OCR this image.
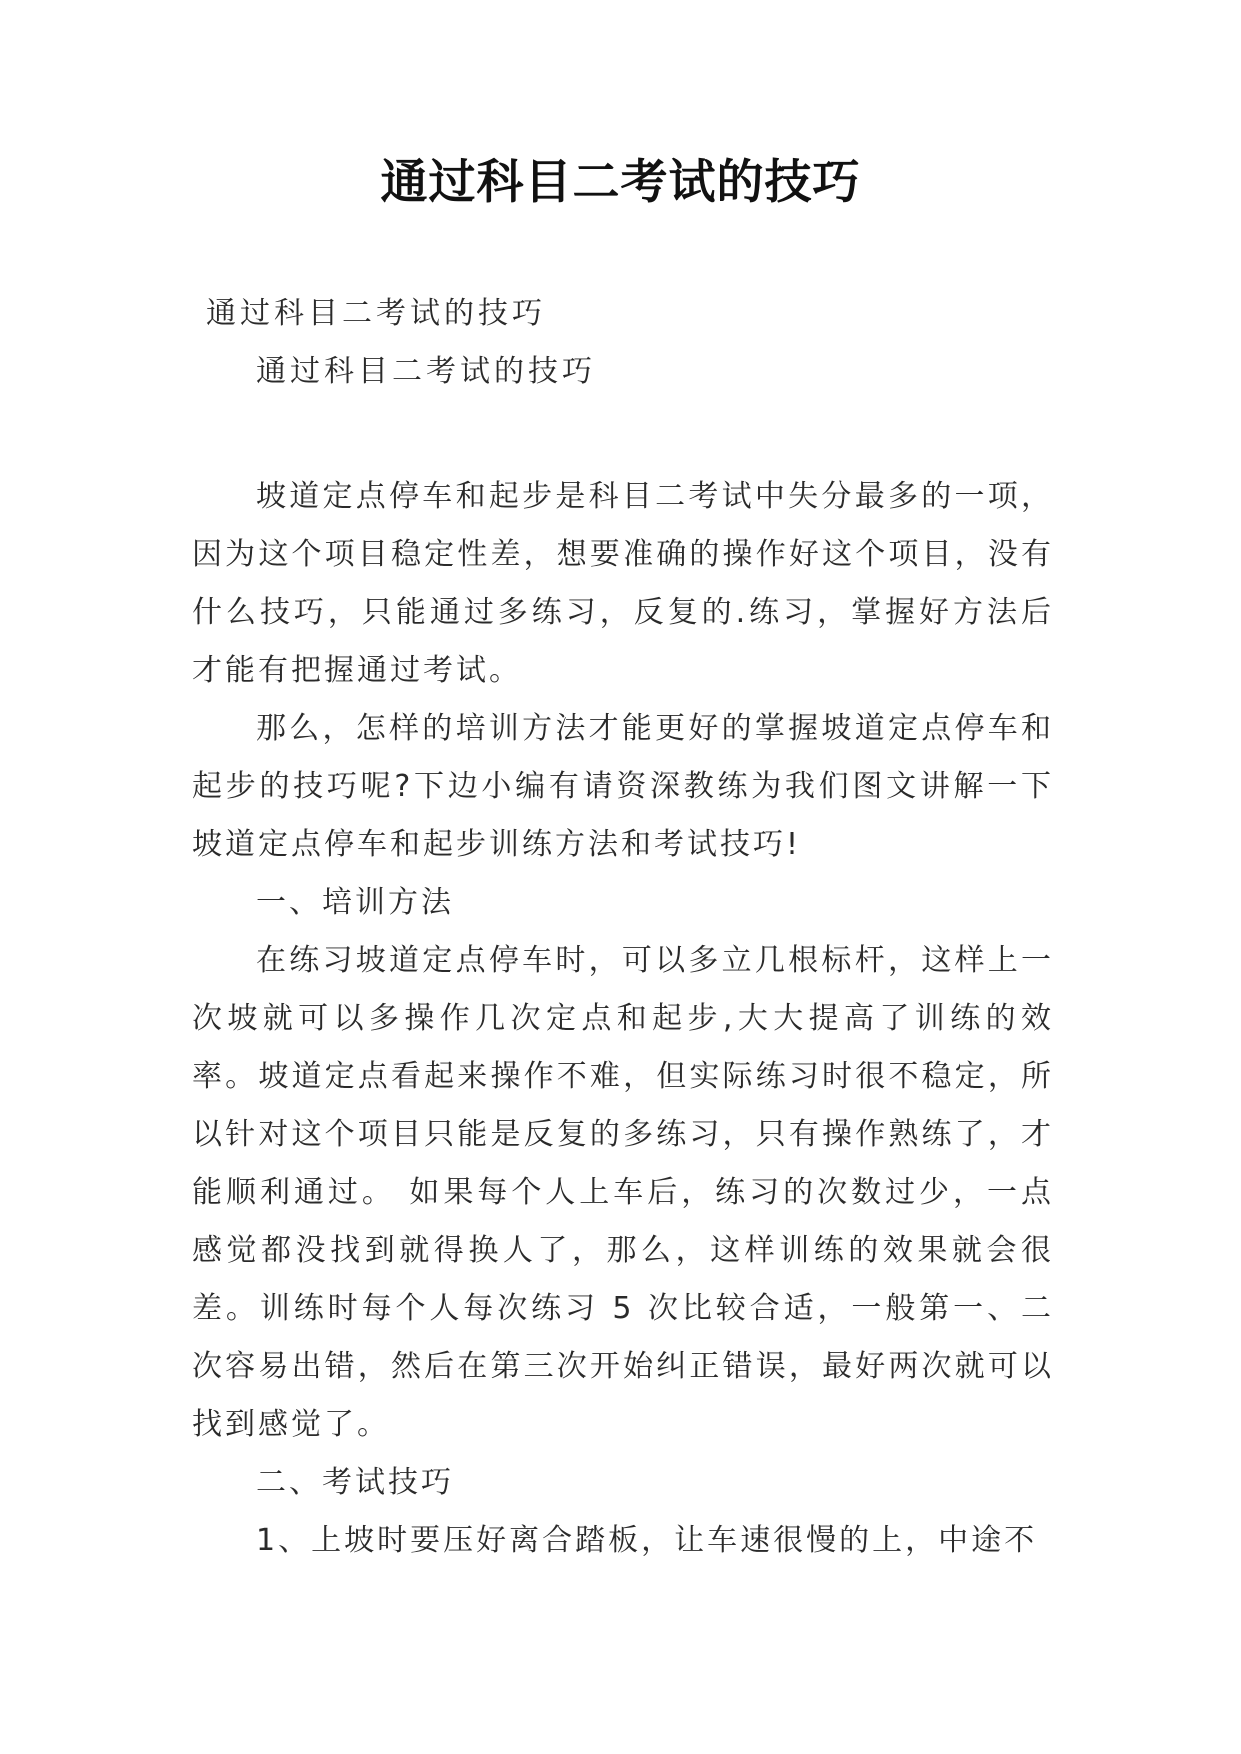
通过科目二考试的技巧
通过科目二考试的技巧
通过科目二考试的技巧

坡道定点停车和起步是科目二考试中失分最多的一项，因为这个项目稳定性差，想要准确的操作好这个项目，没有什么技巧，只能通过多练习，反复的.练习，掌握好方法后才能有把握通过考试。

那么，怎样的培训方法才能更好的掌握坡道定点停车和起步的技巧呢?下边小编有请资深教练为我们图文讲解一下坡道定点停车和起步训练方法和考试技巧!

一、培训方法

在练习坡道定点停车时，可以多立几根标杆，这样上一次坡就可以多操作几次定点和起步,大大提高了训练的效率。坡道定点看起来操作不难，但实际练习时很不稳定，所以针对这个项目只能是反复的多练习，只有操作熟练了，才能顺利通过。 如果每个人上车后，练习的次数过少，一点感觉都没找到就得换人了，那么，这样训练的效果就会很差。训练时每个人每次练习 5 次比较合适，一般第一、二次容易出错，然后在第三次开始纠正错误，最好两次就可以找到感觉了。

二、考试技巧

1、上坡时要压好离合踏板，让车速很慢的上，中途不
